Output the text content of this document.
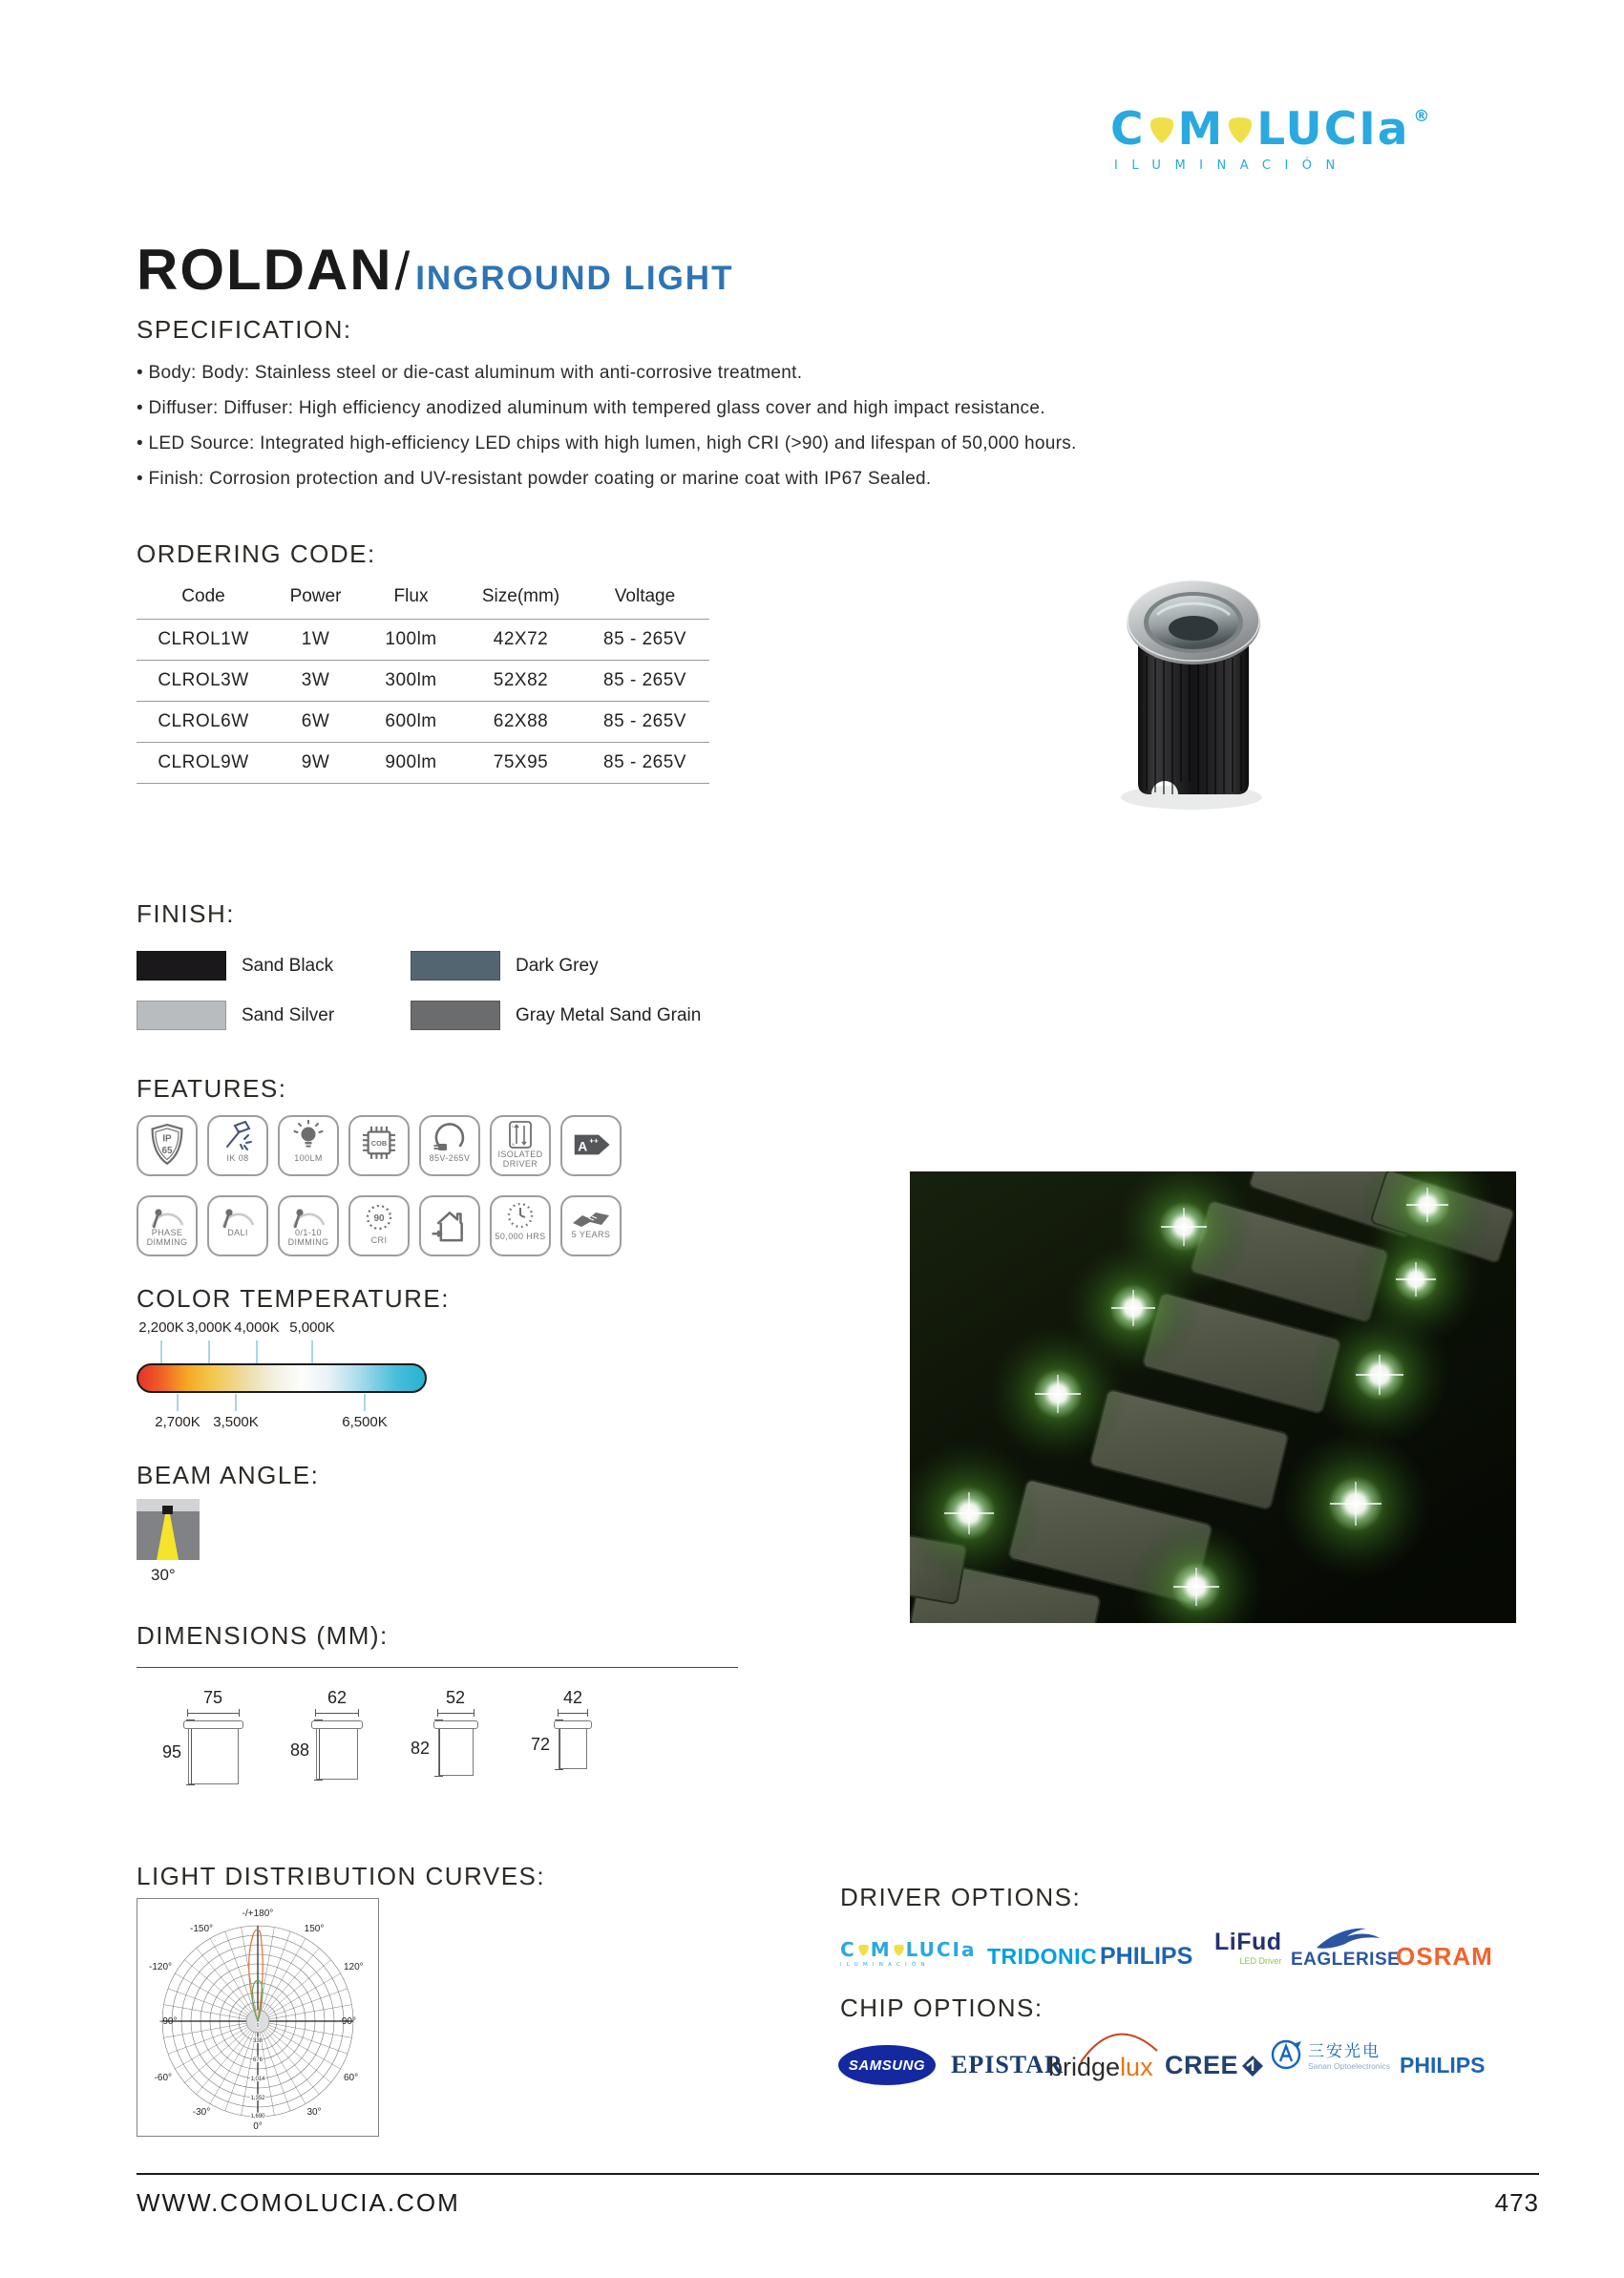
C M LUCIa ®
ILUMINACIÓN
ROLDAN / INGROUND LIGHT
SPECIFICATION:
• Body: Body: Stainless steel or die-cast aluminum with anti-corrosive treatment.
• Diffuser: Diffuser: High efficiency anodized aluminum with tempered glass cover and high impact resistance.
• LED Source: Integrated high-efficiency LED chips with high lumen, high CRI (>90) and lifespan of 50,000 hours.
• Finish: Corrosion protection and UV-resistant powder coating or marine coat with IP67 Sealed.
ORDERING CODE:
Code	Power	Flux	Size(mm)	Voltage
CLROL1W	1W	100lm	42X72	85 - 265V
CLROL3W	3W	300lm	52X82	85 - 265V
CLROL6W	6W	600lm	62X88	85 - 265V
CLROL9W	9W	900lm	75X95	85 - 265V
FINISH:
Sand Black	Dark Grey
Sand Silver	Gray Metal Sand Grain
FEATURES:
IP
65
IK 08	100LM
COB
85V-265V
L
N
ISOLATED DRIVER
A ++
PHASE DIMMING
DALI	0/1-10 DIMMING
90
CRI	50,000 HRS	5 YEARS
COLOR TEMPERATURE:
2,200K 3,000K 4,000K 5,000K
2,700K 3,500K	6,500K
BEAM ANGLE:
30°
DIMENSIONS (MM):
75
95
62
88
52
82
42
72
LIGHT DISTRIBUTION CURVES:
-/+180°
-150°	150°
-120°	120°
-90°	90°
-60°	60°
-30°	30°
0°
0
338
676
1,014
1,352
1,690
DRIVER OPTIONS:
C M LUCIa
ILUMINACIÓN	TRIDONIC PHILIPS
LiFud
LED Driver EAGLERISE
OSRAM
CHIP OPTIONS:
SAMSUNG EPISTAR
bridgelux CREE	三安光电
Sanan Optoelectronics PHILIPS
WWW.COMOLUCIA.COM	473
